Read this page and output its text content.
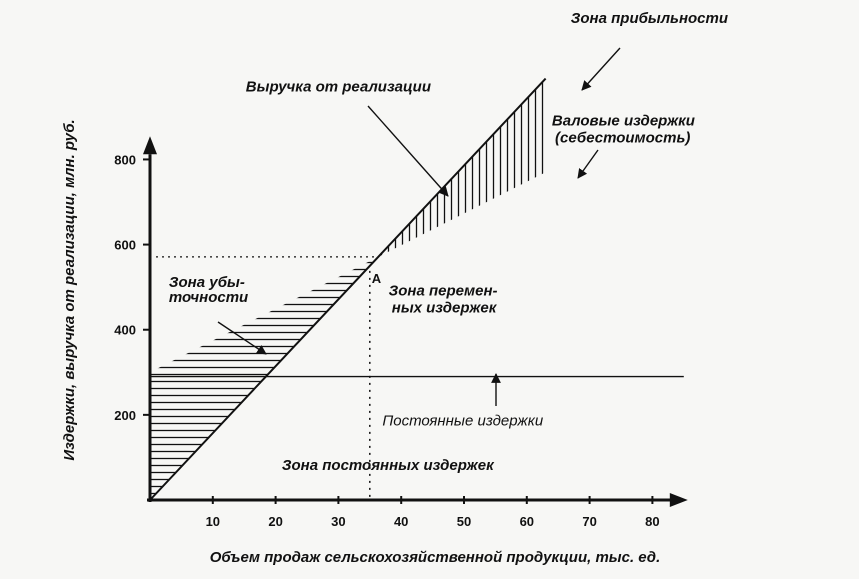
10	20	30	40	50	60	70	80
200
400
600
800
Зона прибыльности
Выручка от реализации
Валовые издержки
(себестоимость)
Зона убы-
точности	Зона перемен-
ных издержек
Постоянные издержки
Зона постоянных издержек
A
Объем продаж сельскохозяйственной продукции, тыс. ед.
Издержки, выручка от реализации, млн. руб.
